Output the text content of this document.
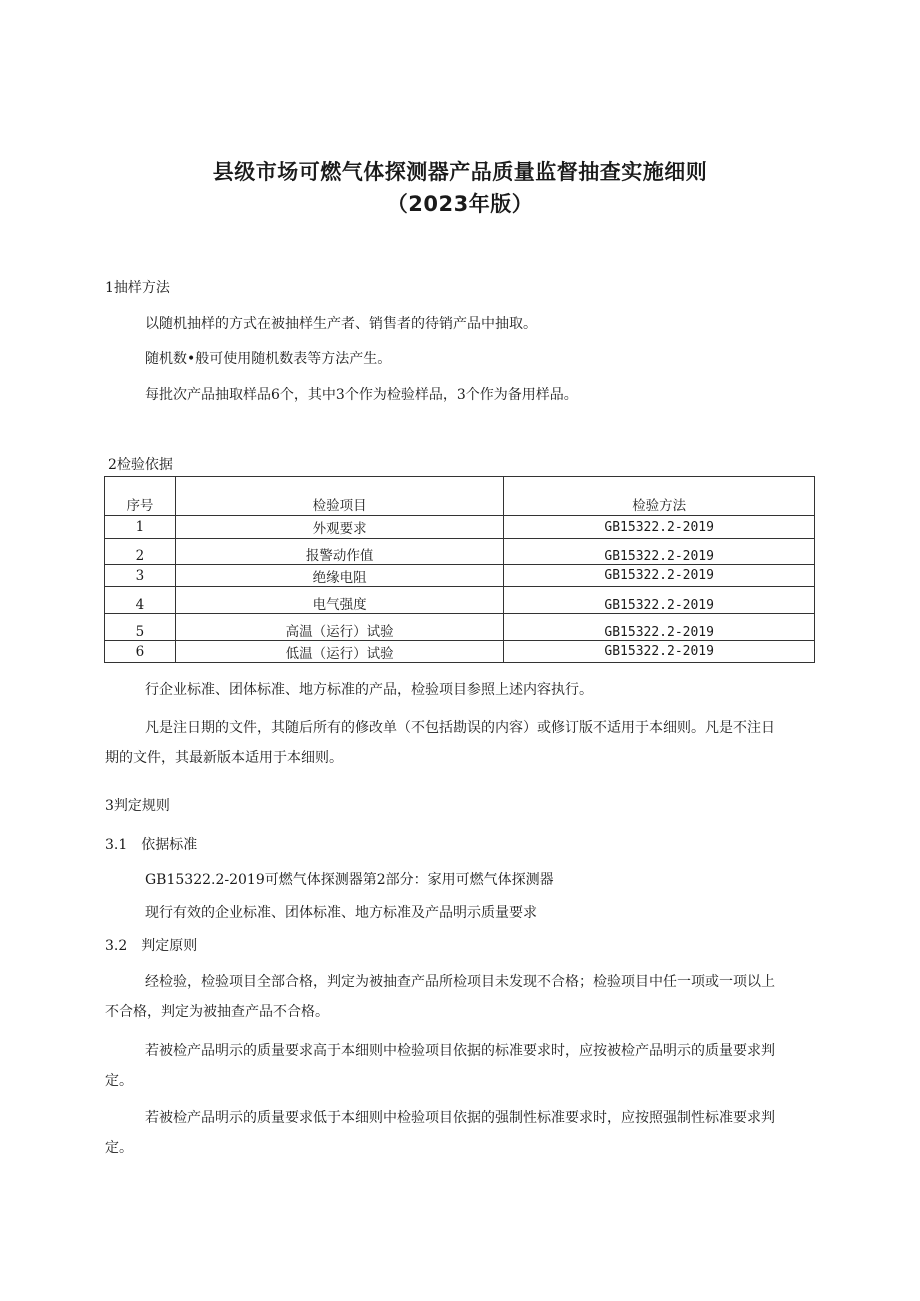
县级市场可燃气体探测器产品质量监督抽查实施细则
（2023年版）
1抽样方法
以随机抽样的方式在被抽样生产者、销售者的待销产品中抽取。
随机数•般可使用随机数表等方法产生。
每批次产品抽取样品6个，其中3个作为检验样品，3个作为备用样品。
2检验依据
序号	检验项目	检验方法
1	外观要求	GB15322.2-2019
2	报警动作值	GB15322.2-2019
3	绝缘电阻	GB15322.2-2019
4	电气强度	GB15322.2-2019
5	高温（运行）试验	GB15322.2-2019
6	低温（运行）试验	GB15322.2-2019
行企业标准、团体标准、地方标准的产品，检验项目参照上述内容执行。
凡是注日期的文件，其随后所有的修改单（不包括勘误的内容）或修订版不适用于本细则。凡是不注日期的文件，其最新版本适用于本细则。
3判定规则
3.1　依据标准
GB15322.2-2019可燃气体探测器第2部分：家用可燃气体探测器
现行有效的企业标准、团体标准、地方标准及产品明示质量要求
3.2　判定原则
经检验，检验项目全部合格，判定为被抽查产品所检项目未发现不合格；检验项目中任一项或一项以上不合格，判定为被抽查产品不合格。
若被检产品明示的质量要求高于本细则中检验项目依据的标准要求时，应按被检产品明示的质量要求判定。
若被检产品明示的质量要求低于本细则中检验项目依据的强制性标准要求时，应按照强制性标准要求判定。
